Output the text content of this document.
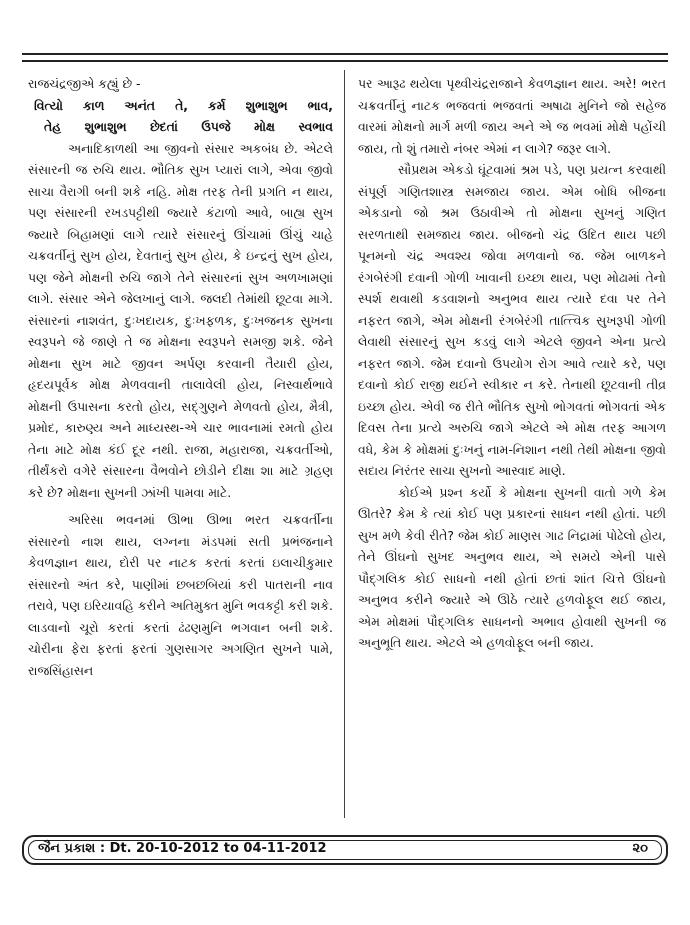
રાજચંદ્રજીએ કહ્યું છે -

વિત્યો કાળ અનંત તે, કર્મ શુભાશુભ ભાવ,

તેહ શુભાશુભ છેદતાં ઉપજે મોક્ષ સ્વભાવ

અનાદિકાળથી આ જીવનો સંસાર અકબંધ છે. એટલે સંસારની જ રુચિ થાય. ભૌતિક સુખ પ્યારાં લાગે, એવા જીવો સાચા વૈરાગી બની શકે નહિ. મોક્ષ તરફ તેની પ્રગતિ ન થાય, પણ સંસારની રખડપટ્ટીથી જ્યારે કંટાળો આવે, બાહ્ય સુખ જ્યારે બિહામણાં લાગે ત્યારે સંસારનું ઊંચામાં ઊંચું ચાહે ચક્રવર્તીનું સુખ હોય, દેવતાનું સુખ હોય, કે ઇન્દ્રનું સુખ હોય, પણ જેને મોક્ષની રુચિ જાગે તેને સંસારનાં સુખ અળખામણાં લાગે. સંસાર એને જેલખાનું લાગે. જલદી તેમાંથી છૂટવા માગે. સંસારનાં નાશવંત, દુઃખદાયક, દુઃખફળક, દુઃખજનક સુખના સ્વરૂપને જે જાણે તે જ મોક્ષના સ્વરૂપને સમજી શકે. જેને મોક્ષના સુખ માટે જીવન અર્પણ કરવાની તૈયારી હોય, હૃદયપૂર્વક મોક્ષ મેળવવાની તાલાવેલી હોય, નિસ્વાર્થભાવે મોક્ષની ઉપાસના કરતો હોય, સદ્ગુણને મેળવતો હોય, મૈત્રી, પ્રમોદ, કારુણ્ય અને માધ્યસ્થ-એ ચાર ભાવનામાં રમતો હોય તેના માટે મોક્ષ કંઈ દૂર નથી. રાજા, મહારાજા, ચક્રવર્તીઓ, તીર્થંકરો વગેરે સંસારના વૈભવોને છોડીને દીક્ષા શા માટે ગ્રહણ કરે છે? મોક્ષના સુખની ઝાંખી પામવા માટે.

અરિસા ભવનમાં ઊભા ઊભા ભરત ચક્રવર્તીના સંસારનો નાશ થાય, લગ્નના મંડપમાં સતી પ્રભંજનાને કેવળજ્ઞાન થાય, દોરી પર નાટક કરતાં કરતાં ઇલાચીકુમાર સંસારનો અંત કરે, પાણીમાં છબછબિયાં કરી પાતરાની નાવ તરાવે, પણ ઇરિયાવહિ કરીને અતિમુક્ત મુનિ ભવકટ્ટી કરી શકે. લાડવાનો ચૂરો કરતાં કરતાં ઢંઢણમુનિ ભગવાન બની શકે. ચોરીના ફેરા ફરતાં ફરતાં ગુણસાગર અગણિત સુખને પામે, રાજસિંહાસન

પર આરૂઢ થયેલા પૃથ્વીચંદ્રરાજાને કેવળજ્ઞાન થાય. અરે! ભરત ચક્રવર્તીનું નાટક ભજવતાં ભજવતાં અષાઢા મુનિને જો સહેજ વારમાં મોક્ષનો માર્ગ મળી જાય અને એ જ ભવમાં મોક્ષે પહોંચી જાય, તો શું તમારો નંબર એમાં ન લાગે? જરૂર લાગે.

સૌપ્રથમ એકડો ઘૂંટવામાં શ્રમ પડે, પણ પ્રયત્ન કરવાથી સંપૂર્ણ ગણિતશાસ્ત્ર સમજાય જાય. એમ બોધિ બીજના એકડાનો જો શ્રમ ઉઠાવીએ તો મોક્ષના સુખનું ગણિત સરળતાથી સમજાય જાય. બીજનો ચંદ્ર ઉદિત થાય પછી પૂનમનો ચંદ્ર અવશ્ય જોવા મળવાનો જ. જેમ બાળકને રંગબેરંગી દવાની ગોળી ખાવાની ઇચ્છા થાય, પણ મોઢામાં તેનો સ્પર્શ થવાથી કડવાશનો અનુભવ થાય ત્યારે દવા પર તેને નફરત જાગે, એમ મોક્ષની રંગબેરંગી તાત્ત્વિક સુખરૂપી ગોળી લેવાથી સંસારનું સુખ કડવું લાગે એટલે જીવને એના પ્રત્યે નફરત જાગે. જેમ દવાનો ઉપયોગ રોગ આવે ત્યારે કરે, પણ દવાનો કોઈ રાજી થઈને સ્વીકાર ન કરે. તેનાથી છૂટવાની તીવ્ર ઇચ્છા હોય. એવી જ રીતે ભૌતિક સુખો ભોગવતાં ભોગવતાં એક દિવસ તેના પ્રત્યે અરુચિ જાગે એટલે એ મોક્ષ તરફ આગળ વધે, કેમ કે મોક્ષમાં દુઃખનું નામ-નિશાન નથી તેથી મોક્ષના જીવો સદાય નિરંતર સાચા સુખનો આસ્વાદ માણે.

કોઈએ પ્રશ્ન કર્યો કે મોક્ષના સુખની વાતો ગળે કેમ ઊતરે? કેમ કે ત્યાં કોઈ પણ પ્રકારનાં સાધન નથી હોતાં. પછી સુખ મળે કેવી રીતે? જેમ કોઈ માણસ ગાઢ નિદ્રામાં પોઢેલો હોય, તેને ઊંઘનો સુખદ અનુભવ થાય, એ સમયે એની પાસે પૌદ્ગલિક કોઈ સાધનો નથી હોતાં છતાં શાંત ચિત્તે ઊંઘનો અનુભવ કરીને જ્યારે એ ઊઠે ત્યારે હળવોફૂલ થઈ જાય, એમ મોક્ષમાં પૌદ્ગલિક સાધનનો અભાવ હોવાથી સુખની જ અનુભૂતિ થાય. એટલે એ હળવોફૂલ બની જાય.

જૈન પ્રકાશ : Dt. 20-10-2012 to 04-11-2012	૨૦
